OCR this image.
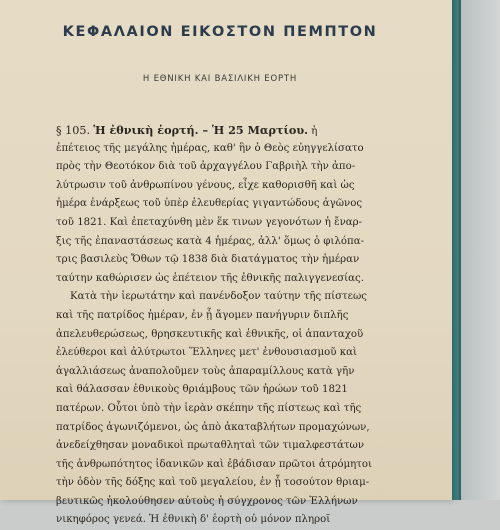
ΚΕΦΑΛΑΙΟΝ ΕΙΚΟΣΤΟΝ ΠΕΜΠΤΟΝ
Η ΕΘΝΙΚΗ ΚΑΙ ΒΑΣΙΛΙΚΗ ΕΟΡΤΗ
§ 105. Ἡ ἐθνικὴ ἑορτή. – Ἡ 25 Μαρτίου. ἡ
ἐπέτειος τῆς μεγάλης ἡμέρας, καθ' ἣν ὁ Θεὸς εὐηγγελίσατο
πρὸς τὴν Θεοτόκον διὰ τοῦ ἀρχαγγέλου Γαβριὴλ τὴν ἀπο-
λύτρωσιν τοῦ ἀνθρωπίνου γένους, εἶχε καθορισθῆ καὶ ὡς
ἡμέρα ἐνάρξεως τοῦ ὑπὲρ ἐλευθερίας γιγαντώδους ἀγῶνος
τοῦ 1821. Καὶ ἐπεταχύνθη μὲν ἕκ τινων γεγονότων ἡ ἔναρ-
ξις τῆς ἐπαναστάσεως κατὰ 4 ἡμέρας, ἀλλ' ὅμως ὁ φιλόπα-
τρις βασιλεὺς Ὄθων τῷ 1838 διὰ διατάγματος τὴν ἡμέραν
ταύτην καθώρισεν ὡς ἐπέτειον τῆς ἐθνικῆς παλιγγενεσίας.
Κατὰ τὴν ἱερωτάτην καὶ πανένδοξον ταύτην τῆς πίστεως
καὶ τῆς πατρίδος ἡμέραν, ἐν ᾗ ἄγομεν πανήγυριν διπλῆς
ἀπελευθερώσεως, θρησκευτικῆς καὶ ἐθνικῆς, οἱ ἁπανταχοῦ
ἐλεύθεροι καὶ ἀλύτρωτοι Ἕλληνες μετ' ἐνθουσιασμοῦ καὶ
ἀγαλλιάσεως ἀναπολοῦμεν τοὺς ἀπαραμίλλους κατὰ γῆν
καὶ θάλασσαν ἐθνικοὺς θριάμβους τῶν ἡρώων τοῦ 1821
πατέρων. Οὗτοι ὑπὸ τὴν ἱερὰν σκέπην τῆς πίστεως καὶ τῆς
πατρίδος ἀγωνιζόμενοι, ὡς ἀπὸ ἀκαταβλήτων προμαχώνων,
ἀνεδείχθησαν μοναδικοὶ πρωταθληταὶ τῶν τιμαλφεστάτων
τῆς ἀνθρωπότητος ἰδανικῶν καὶ ἐβάδισαν πρῶτοι ἀτρόμητοι
τὴν ὁδὸν τῆς δόξης καὶ τοῦ μεγαλείου, ἐν ᾗ τοσούτον θριαμ-
βευτικῶς ἠκολούθησεν αὐτοὺς ἡ σύγχρονος τῶν Ἑλλήνων
νικηφόρος γενεά. Ἡ ἐθνικὴ δ' ἑορτὴ οὐ μόνον πληροῖ
